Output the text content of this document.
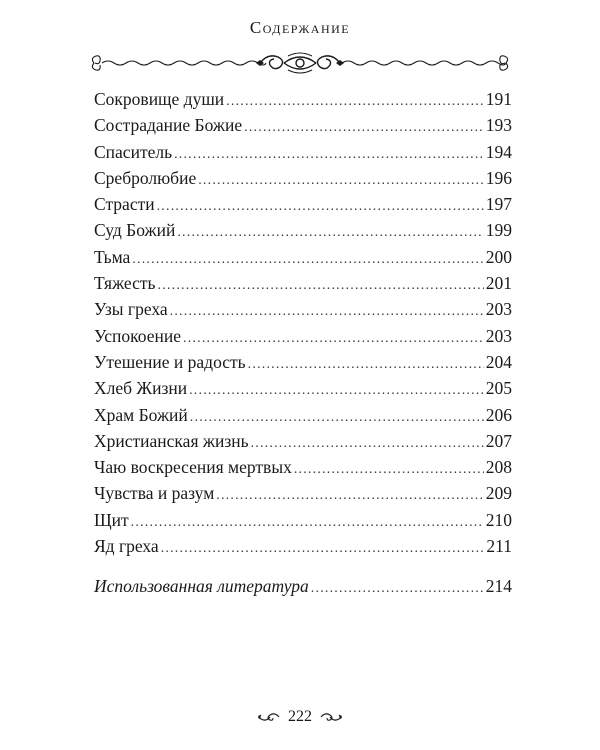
Содержание
Сокровище души .....	191
Сострадание Божие .....	193
Спаситель .....	194
Сребролюбие .....	196
Страсти .....	197
Суд Божий .....	199
Тьма .....	200
Тяжесть .....	201
Узы греха .....	203
Успокоение .....	203
Утешение и радость .....	204
Хлеб Жизни .....	205
Храм Божий .....	206
Христианская жизнь .....	207
Чаю воскресения мертвых .....	208
Чувства и разум .....	209
Щит .....	210
Яд греха .....	211
Использованная литература .....	214
222
